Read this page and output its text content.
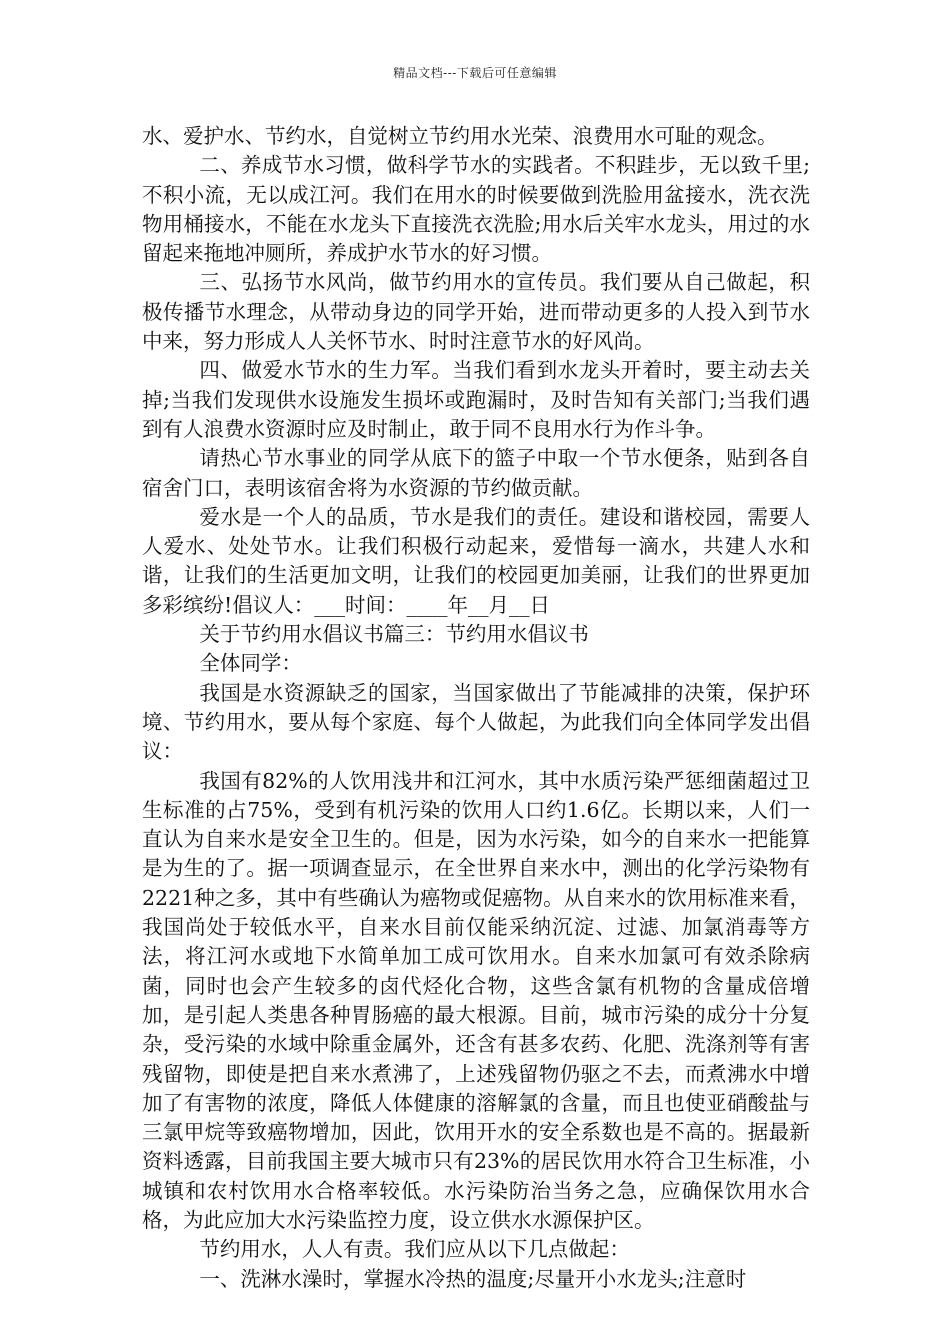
精品文档---下载后可任意编辑

水、爱护水、节约水，自觉树立节约用水光荣、浪费用水可耻的观念。

二、养成节水习惯，做科学节水的实践者。不积跬步，无以致千里;不积小流，无以成江河。我们在用水的时候要做到洗脸用盆接水，洗衣洗物用桶接水，不能在水龙头下直接洗衣洗脸;用水后关牢水龙头，用过的水留起来拖地冲厕所，养成护水节水的好习惯。

三、弘扬节水风尚，做节约用水的宣传员。我们要从自己做起，积极传播节水理念，从带动身边的同学开始，进而带动更多的人投入到节水中来，努力形成人人关怀节水、时时注意节水的好风尚。

四、做爱水节水的生力军。当我们看到水龙头开着时，要主动去关掉;当我们发现供水设施发生损坏或跑漏时，及时告知有关部门;当我们遇到有人浪费水资源时应及时制止，敢于同不良用水行为作斗争。

请热心节水事业的同学从底下的篮子中取一个节水便条，贴到各自宿舍门口，表明该宿舍将为水资源的节约做贡献。

爱水是一个人的品质，节水是我们的责任。建设和谐校园，需要人人爱水、处处节水。让我们积极行动起来，爱惜每一滴水，共建人水和谐，让我们的生活更加文明，让我们的校园更加美丽，让我们的世界更加多彩缤纷!倡议人：___时间：____年__月__日

关于节约用水倡议书篇三：节约用水倡议书

全体同学：

我国是水资源缺乏的国家，当国家做出了节能减排的决策，保护环境、节约用水，要从每个家庭、每个人做起，为此我们向全体同学发出倡议：

我国有82%的人饮用浅井和江河水，其中水质污染严惩细菌超过卫生标准的占75%，受到有机污染的饮用人口约1.6亿。长期以来，人们一直认为自来水是安全卫生的。但是，因为水污染，如今的自来水一把能算是为生的了。据一项调查显示，在全世界自来水中，测出的化学污染物有2221种之多，其中有些确认为癌物或促癌物。从自来水的饮用标准来看，我国尚处于较低水平，自来水目前仅能采纳沉淀、过滤、加氯消毒等方法，将江河水或地下水简单加工成可饮用水。自来水加氯可有效杀除病菌，同时也会产生较多的卤代烃化合物，这些含氯有机物的含量成倍增加，是引起人类患各种胃肠癌的最大根源。目前，城市污染的成分十分复杂，受污染的水域中除重金属外，还含有甚多农药、化肥、洗涤剂等有害残留物，即使是把自来水煮沸了，上述残留物仍驱之不去，而煮沸水中增加了有害物的浓度，降低人体健康的溶解氯的含量，而且也使亚硝酸盐与三氯甲烷等致癌物增加，因此，饮用开水的安全系数也是不高的。据最新资料透露，目前我国主要大城市只有23%的居民饮用水符合卫生标准，小城镇和农村饮用水合格率较低。水污染防治当务之急，应确保饮用水合格，为此应加大水污染监控力度，设立供水水源保护区。

节约用水，人人有责。我们应从以下几点做起：

一、洗淋水澡时，掌握水冷热的温度;尽量开小水龙头;注意时
